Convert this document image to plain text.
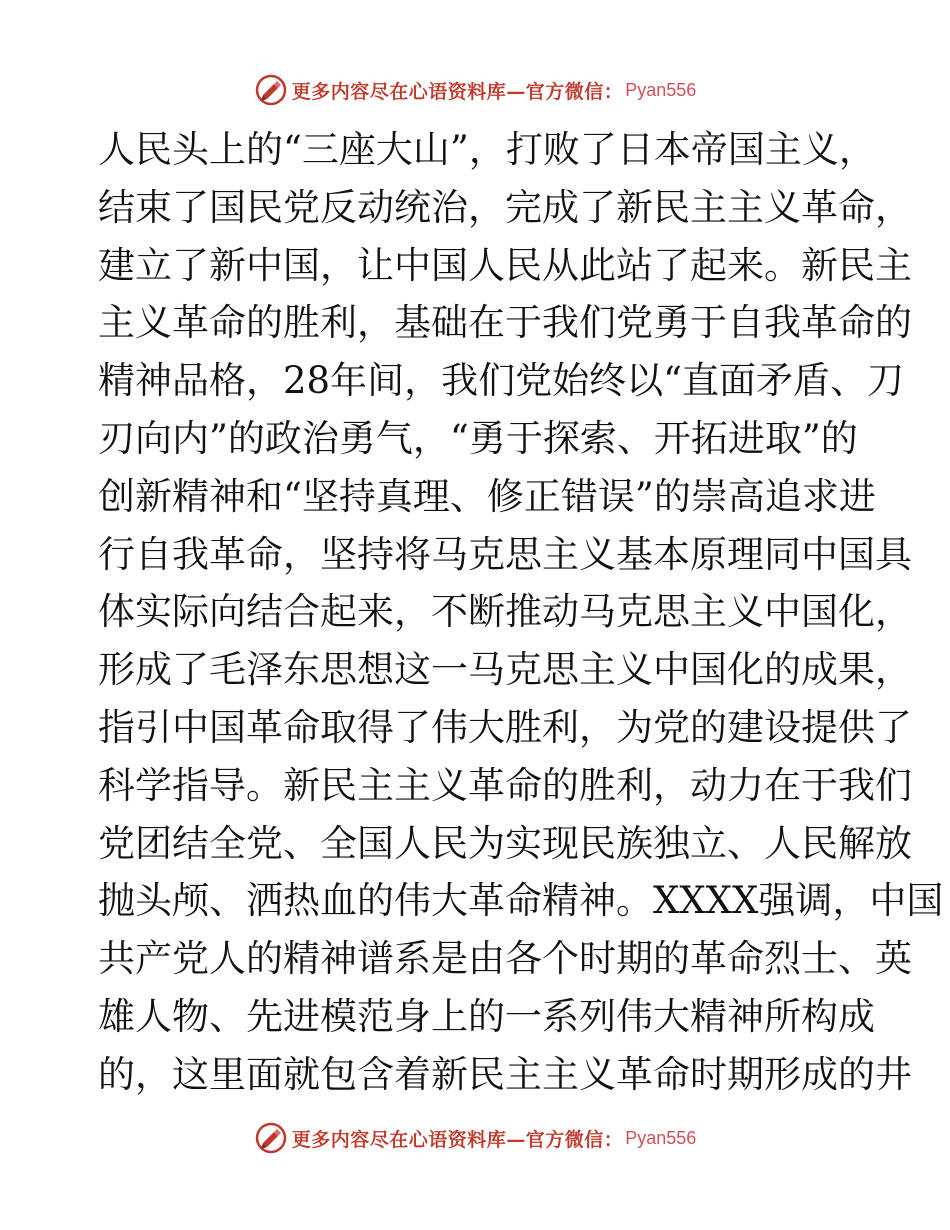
更多内容尽在心语资料库—官方微信： Pyan556
人民头上的“三座大山”，打败了日本帝国主义，
结束了国民党反动统治，完成了新民主主义革命，
建立了新中国，让中国人民从此站了起来。新民主
主义革命的胜利，基础在于我们党勇于自我革命的
精神品格，28年间，我们党始终以“直面矛盾、刀
刃向内”的政治勇气，“勇于探索、开拓进取”的
创新精神和“坚持真理、修正错误”的崇高追求进
行自我革命，坚持将马克思主义基本原理同中国具
体实际向结合起来，不断推动马克思主义中国化，
形成了毛泽东思想这一马克思主义中国化的成果，
指引中国革命取得了伟大胜利，为党的建设提供了
科学指导。新民主主义革命的胜利，动力在于我们
党团结全党、全国人民为实现民族独立、人民解放
抛头颅、洒热血的伟大革命精神。XXXX强调，中国
共产党人的精神谱系是由各个时期的革命烈士、英
雄人物、先进模范身上的一系列伟大精神所构成
的，这里面就包含着新民主主义革命时期形成的井
更多内容尽在心语资料库—官方微信： Pyan556
